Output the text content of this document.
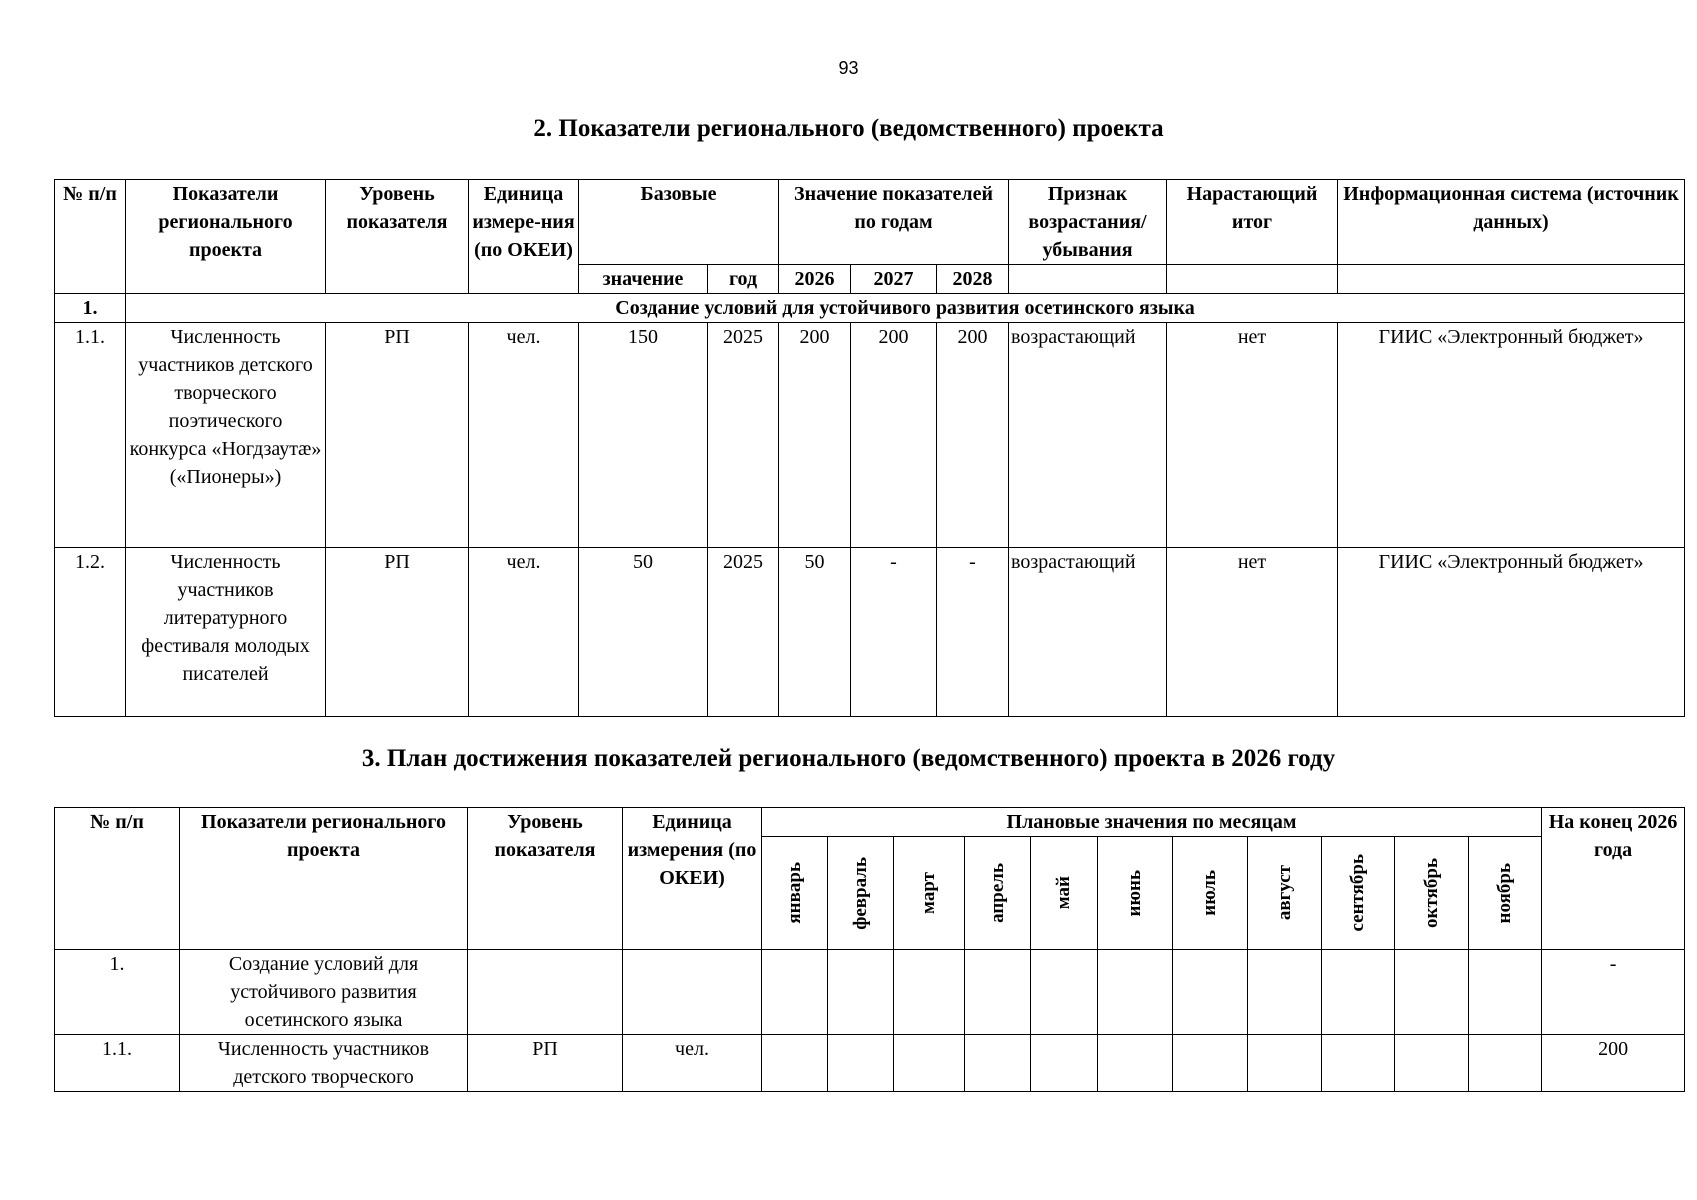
93
2. Показатели регионального (ведомственного) проекта
№ п/п	Показатели регионального проекта	Уровень показателя	Единица измере-ния (по ОКЕИ)	Базовые		Значение показателей по годам			Признак возрастания/ убывания	Нарастающий итог	Информационная система (источник данных)
				значение	год	2026	2027	2028			
1.	Создание условий для устойчивого развития осетинского языка										
1.1.	Численность участников детского творческого поэтического конкурса «Ногдзаутæ» («Пионеры»)	РП	чел.	150	2025	200	200	200	возрастающий	нет	ГИИС «Электронный бюджет»
1.2.	Численность участников литературного фестиваля молодых писателей	РП	чел.	50	2025	50	-	-	возрастающий	нет	ГИИС «Электронный бюджет»
3. План достижения показателей регионального (ведомственного) проекта в 2026 году
№ п/п	Показатели регионального проекта	Уровень показателя	Единица измерения (по ОКЕИ)	Плановые значения по месяцам											На конец 2026 года

				январь	февраль	март	апрель	май	июнь	июль	август	сентябрь	октябрь	ноябрь	

1.	Создание условий для устойчивого развития осетинского языка														-
1.1.	Численность участников детского творческого	РП	чел.												200
